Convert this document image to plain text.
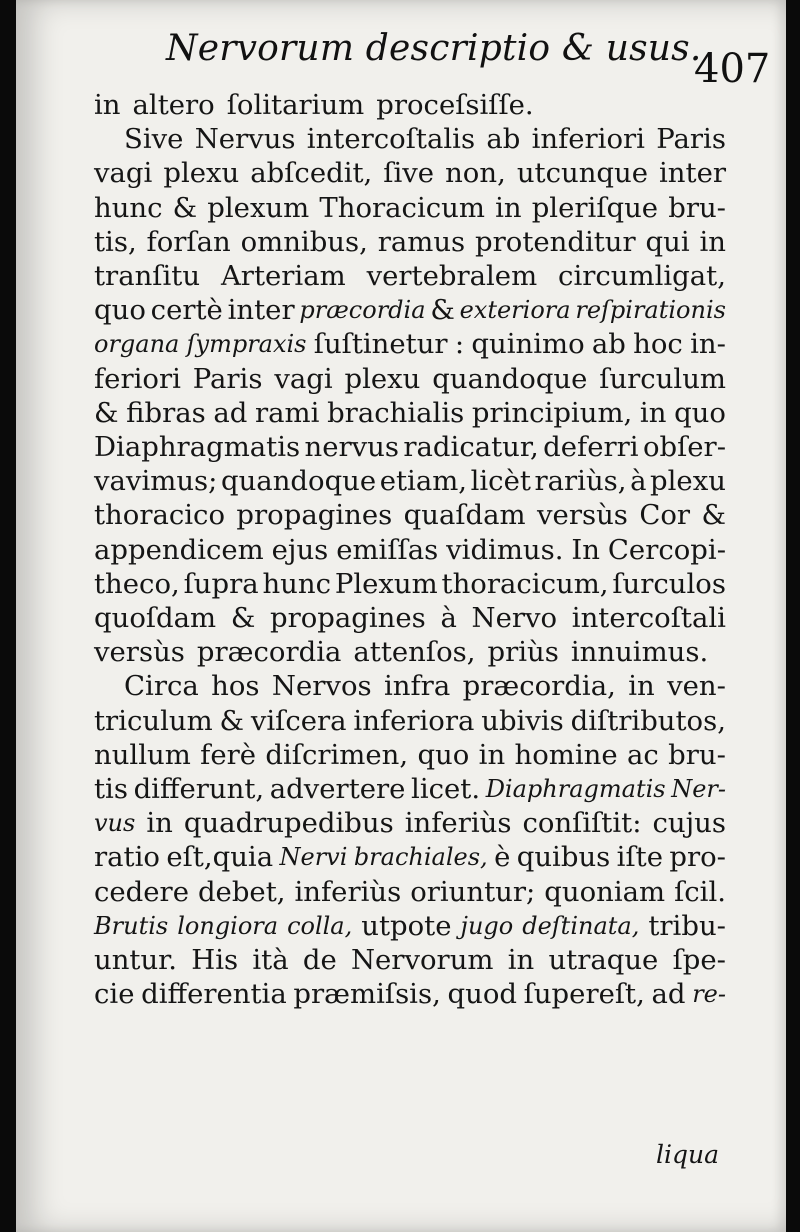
Nervorum descriptio & usus.
407
in altero ſolitarium proceſsiſſe.
Sive Nervus intercoſtalis ab inferiori Paris
vagi plexu abſcedit, ſive non, utcunque inter
hunc & plexum Thoracicum in pleriſque bru-
tis, forſan omnibus, ramus protenditur qui in
tranſitu Arteriam vertebralem circumligat,
quo certè inter præcordia & exteriora reſpirationis
organa ſympraxis ſuſtinetur : quinimo ab hoc in-
feriori Paris vagi plexu quandoque ſurculum
& fibras ad rami brachialis principium, in quo
Diaphragmatis nervus radicatur, deferri obſer-
vavimus; quandoque etiam, licèt rariùs, à plexu
thoracico propagines quaſdam versùs Cor &
appendicem ejus emiſſas vidimus. In Cercopi-
theco, ſupra hunc Plexum thoracicum, ſurculos
quoſdam & propagines à Nervo intercoſtali
versùs præcordia attenſos, priùs innuimus.
Circa hos Nervos infra præcordia, in ven-
triculum & viſcera inferiora ubivis diſtributos,
nullum ferè diſcrimen, quo in homine ac bru-
tis differunt, advertere licet. Diaphragmatis Ner-
vus in quadrupedibus inferiùs conſiſtit: cujus
ratio eſt,quia Nervi brachiales, è quibus iſte pro-
cedere debet, inferiùs oriuntur; quoniam ſcil.
Brutis longiora colla, utpote jugo deſtinata, tribu-
untur. His ità de Nervorum in utraque ſpe-
cie differentia præmiſsis, quod ſupereſt, ad re-
liqua
